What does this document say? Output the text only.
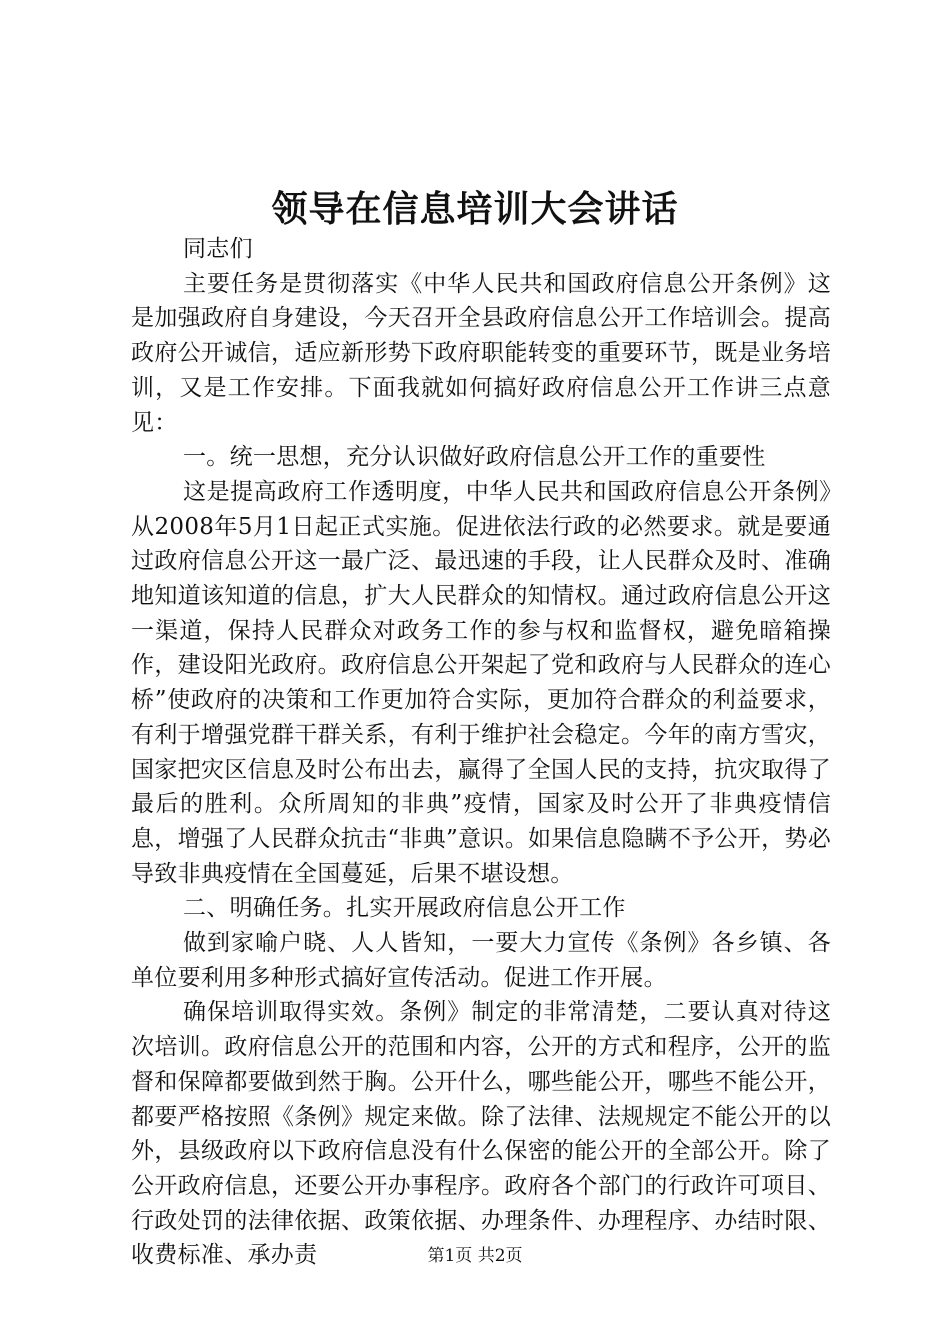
领导在信息培训大会讲话

同志们

主要任务是贯彻落实《中华人民共和国政府信息公开条例》这是加强政府自身建设，今天召开全县政府信息公开工作培训会。提高政府公开诚信，适应新形势下政府职能转变的重要环节，既是业务培训，又是工作安排。下面我就如何搞好政府信息公开工作讲三点意见：

一。统一思想，充分认识做好政府信息公开工作的重要性

这是提高政府工作透明度，中华人民共和国政府信息公开条例》从2008年5月1日起正式实施。促进依法行政的必然要求。就是要通过政府信息公开这一最广泛、最迅速的手段，让人民群众及时、准确地知道该知道的信息，扩大人民群众的知情权。通过政府信息公开这一渠道，保持人民群众对政务工作的参与权和监督权，避免暗箱操作，建设阳光政府。政府信息公开架起了党和政府与人民群众的连心桥”使政府的决策和工作更加符合实际，更加符合群众的利益要求，有利于增强党群干群关系，有利于维护社会稳定。今年的南方雪灾，国家把灾区信息及时公布出去，赢得了全国人民的支持，抗灾取得了最后的胜利。众所周知的非典”疫情，国家及时公开了非典疫情信息，增强了人民群众抗击“非典”意识。如果信息隐瞒不予公开，势必导致非典疫情在全国蔓延，后果不堪设想。

二、明确任务。扎实开展政府信息公开工作

做到家喻户晓、人人皆知，一要大力宣传《条例》各乡镇、各单位要利用多种形式搞好宣传活动。促进工作开展。

确保培训取得实效。条例》制定的非常清楚，二要认真对待这次培训。政府信息公开的范围和内容，公开的方式和程序，公开的监督和保障都要做到然于胸。公开什么，哪些能公开，哪些不能公开，都要严格按照《条例》规定来做。除了法律、法规规定不能公开的以外，县级政府以下政府信息没有什么保密的能公开的全部公开。除了公开政府信息，还要公开办事程序。政府各个部门的行政许可项目、行政处罚的法律依据、政策依据、办理条件、办理程序、办结时限、收费标准、承办责	第1页 共2页
